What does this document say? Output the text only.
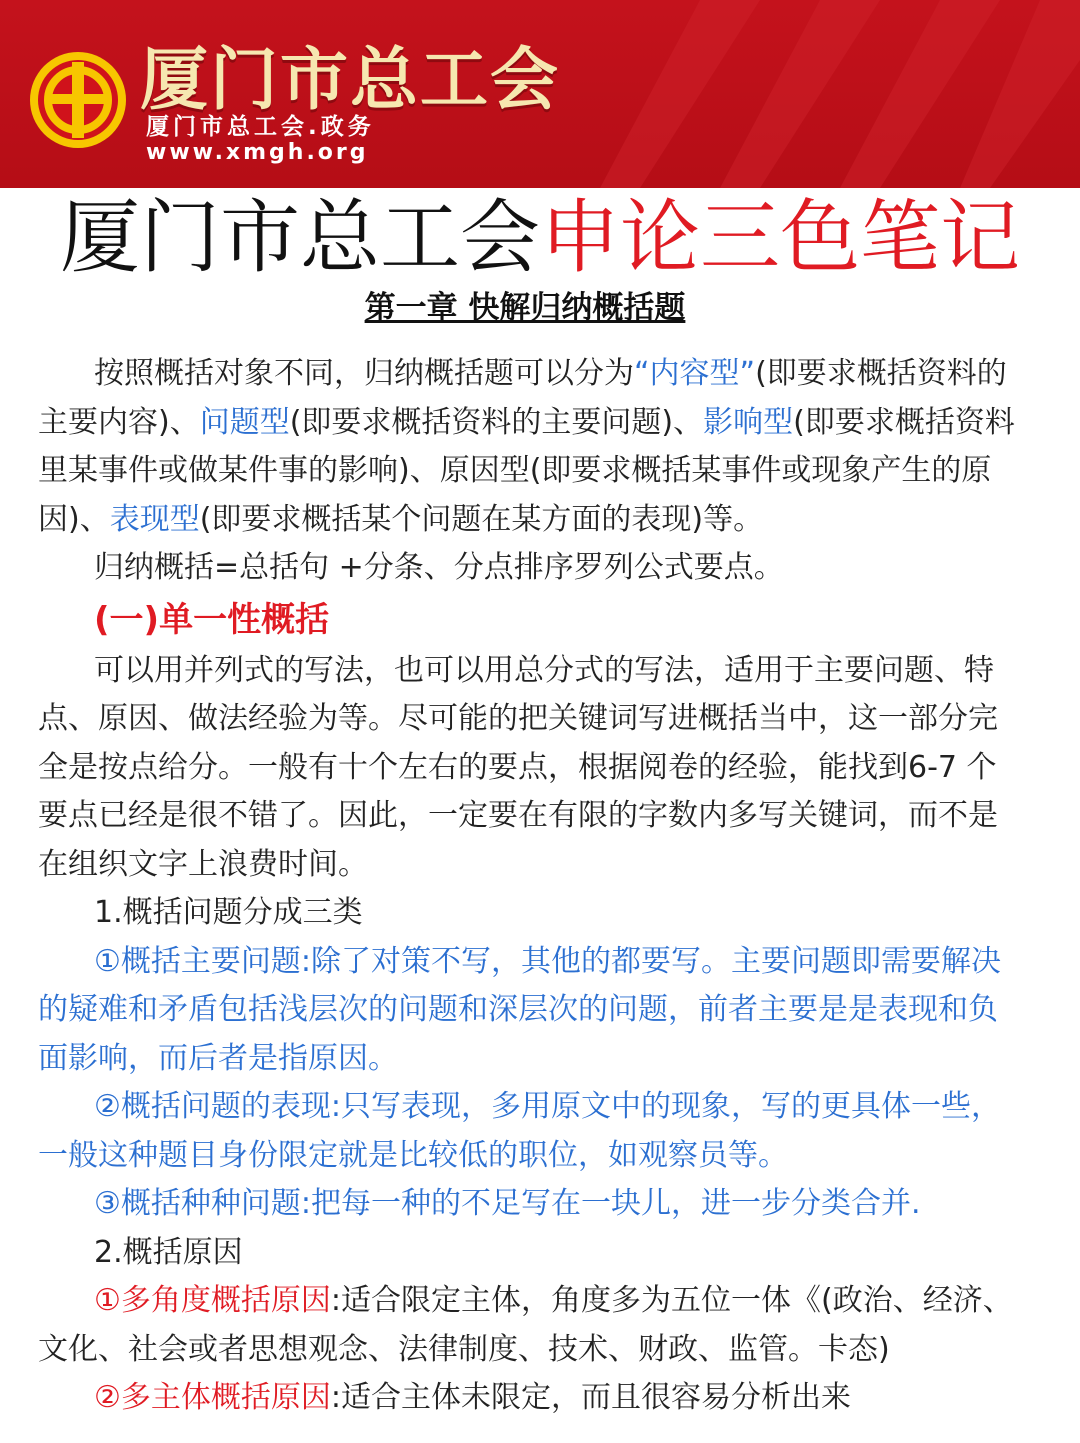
厦门市总工会
厦门市总工会.政务
www.xmgh.org
厦门市总工会申论三色笔记
第一章 快解归纳概括题

按照概括对象不同，归纳概括题可以分为“内容型”(即要求概括资料的主要内容)、问题型(即要求概括资料的主要问题)、影响型(即要求概括资料里某事件或做某件事的影响)、原因型(即要求概括某事件或现象产生的原因)、表现型(即要求概括某个问题在某方面的表现)等。

归纳概括=总括句 +分条、分点排序罗列公式要点。

(一)单一性概括

可以用并列式的写法，也可以用总分式的写法，适用于主要问题、特点、原因、做法经验为等。尽可能的把关键词写进概括当中，这一部分完全是按点给分。一般有十个左右的要点，根据阅卷的经验，能找到6-7 个要点已经是很不错了。因此，一定要在有限的字数内多写关键词，而不是在组织文字上浪费时间。

1.概括问题分成三类

①概括主要问题:除了对策不写，其他的都要写。主要问题即需要解决的疑难和矛盾包括浅层次的问题和深层次的问题，前者主要是是表现和负面影响，而后者是指原因。

②概括问题的表现:只写表现，多用原文中的现象，写的更具体一些，一般这种题目身份限定就是比较低的职位，如观察员等。

③概括种种问题:把每一种的不足写在一块儿，进一步分类合并.

2.概括原因

①多角度概括原因:适合限定主体，角度多为五位一体《(政治、经济、文化、社会或者思想观念、法律制度、技术、财政、监管。卡态)

②多主体概括原因:适合主体未限定，而且很容易分析出来
